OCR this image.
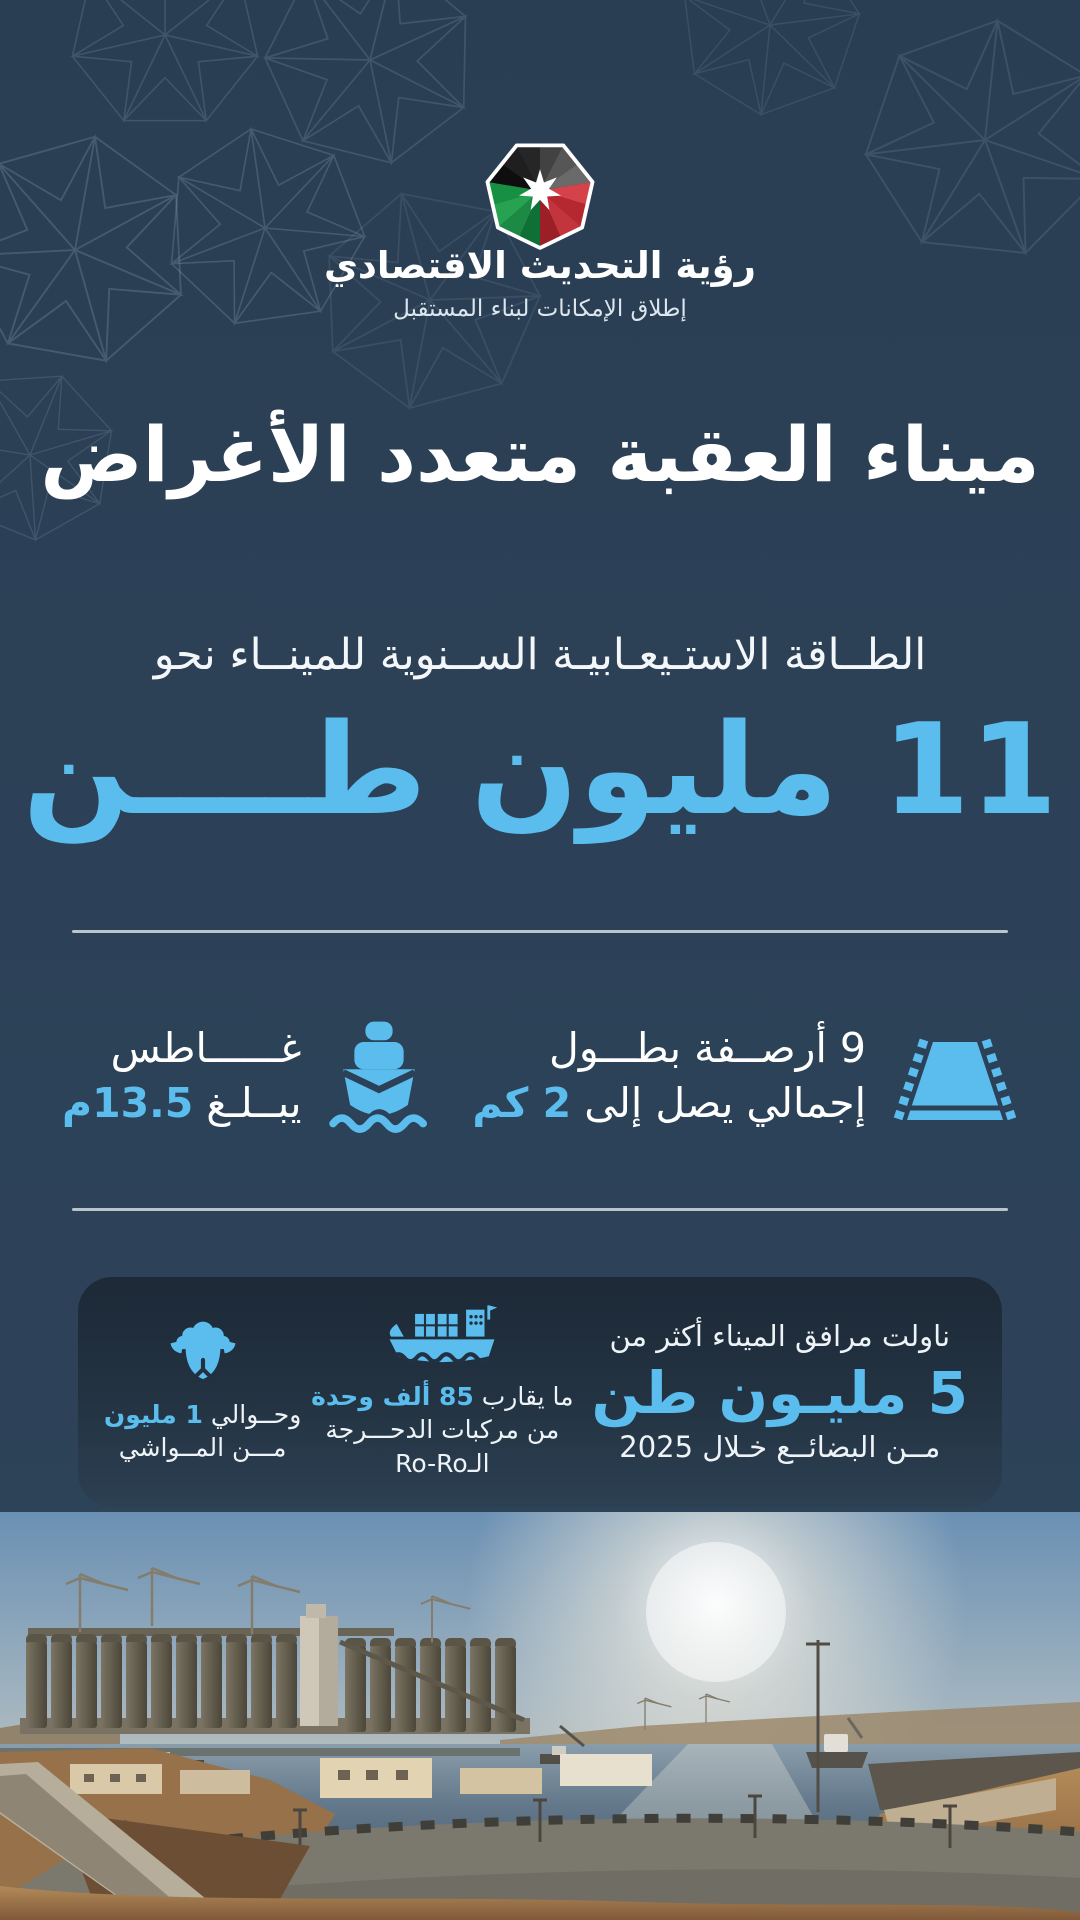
رؤية التحديث الاقتصادي
إطلاق الإمكانات لبناء المستقبل
ميناء العقبة متعدد الأغراض
الطــاقة الاستـيعـابيـة الســنوية للمينــاء نحو
11 مليون طــــن
9 أرصــفة بطـــول
إجمالي يصل إلى 2 كم
غــــــاطس
يبــلـغ 13.5م
ناولت مرافق الميناء أكثر من
5 مليـون طن
مــن البضائــع خـلال 2025
ما يقارب 85 ألف وحدة
من مركبات الدحـــرجة
الـRo-Ro
وحــوالي 1 مليون
مـــن المــواشي
